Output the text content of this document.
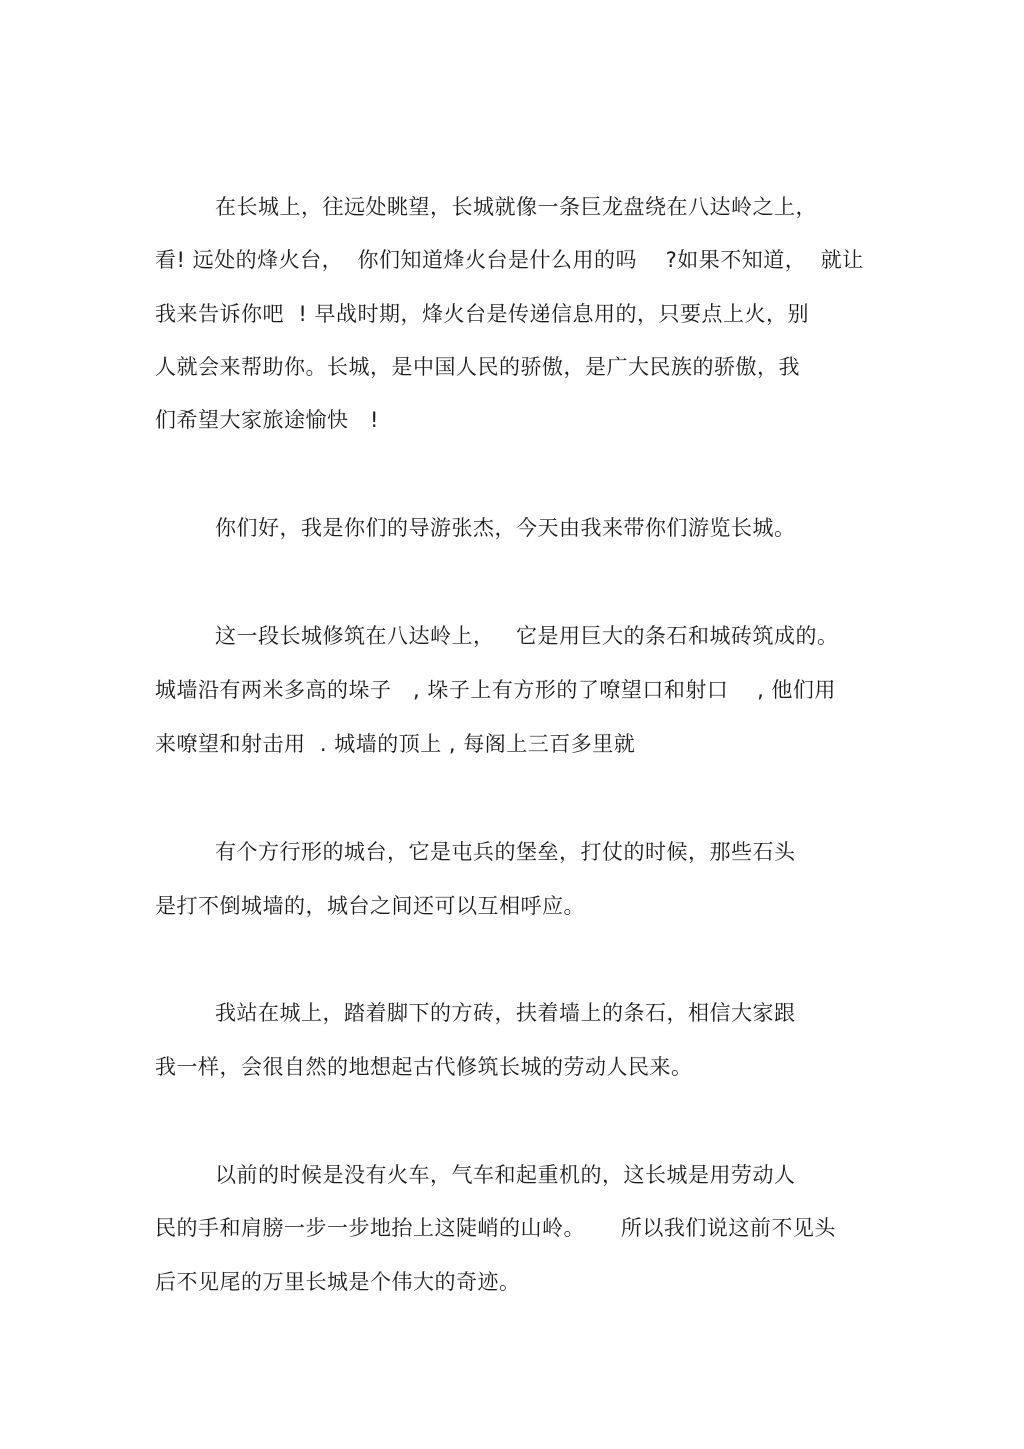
在长城上，往远处眺望，长城就像一条巨龙盘绕在八达岭之上，
看! 远处的烽火台，  你们知道烽火台是什么用的吗    ?如果不知道，  就让
我来告诉你吧  ! 早战时期，烽火台是传递信息用的，只要点上火，别
人就会来帮助你。长城，是中国人民的骄傲，是广大民族的骄傲，我
们希望大家旅途愉快   !
你们好，我是你们的导游张杰，今天由我来带你们游览长城。
这一段长城修筑在八达岭上，   它是用巨大的条石和城砖筑成的。
城墙沿有两米多高的垛子   , 垛子上有方形的了嘹望口和射口    , 他们用
来嘹望和射击用  . 城墙的顶上 , 每阁上三百多里就
有个方行形的城台，它是屯兵的堡垒，打仗的时候，那些石头
是打不倒城墙的，城台之间还可以互相呼应。
我站在城上，踏着脚下的方砖，扶着墙上的条石，相信大家跟
我一样，会很自然的地想起古代修筑长城的劳动人民来。
以前的时候是没有火车，气车和起重机的，这长城是用劳动人
民的手和肩膀一步一步地抬上这陡峭的山岭。     所以我们说这前不见头
后不见尾的万里长城是个伟大的奇迹。
